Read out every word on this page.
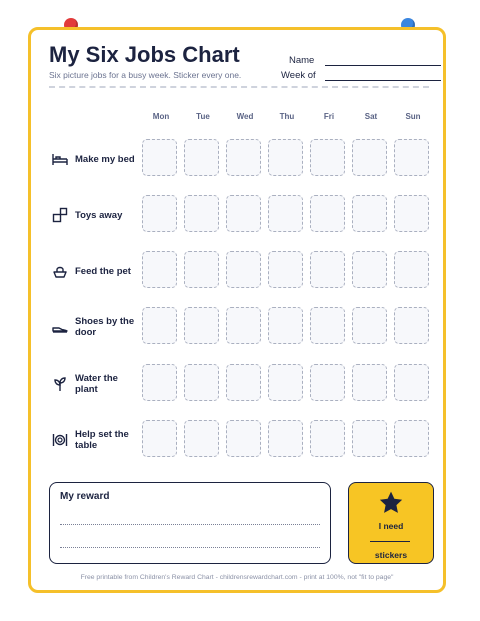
My Six Jobs Chart
Six picture jobs for a busy week. Sticker every one.
Name
Week of
Mon	Tue	Wed	Thu	Fri	Sat	Sun
Make my bed
Toys away
Feed the pet
Shoes by the door
Water the plant
Help set the table
My reward
I need
stickers
Free printable from Children's Reward Chart - childrensrewardchart.com - print at 100%, not "fit to page"
